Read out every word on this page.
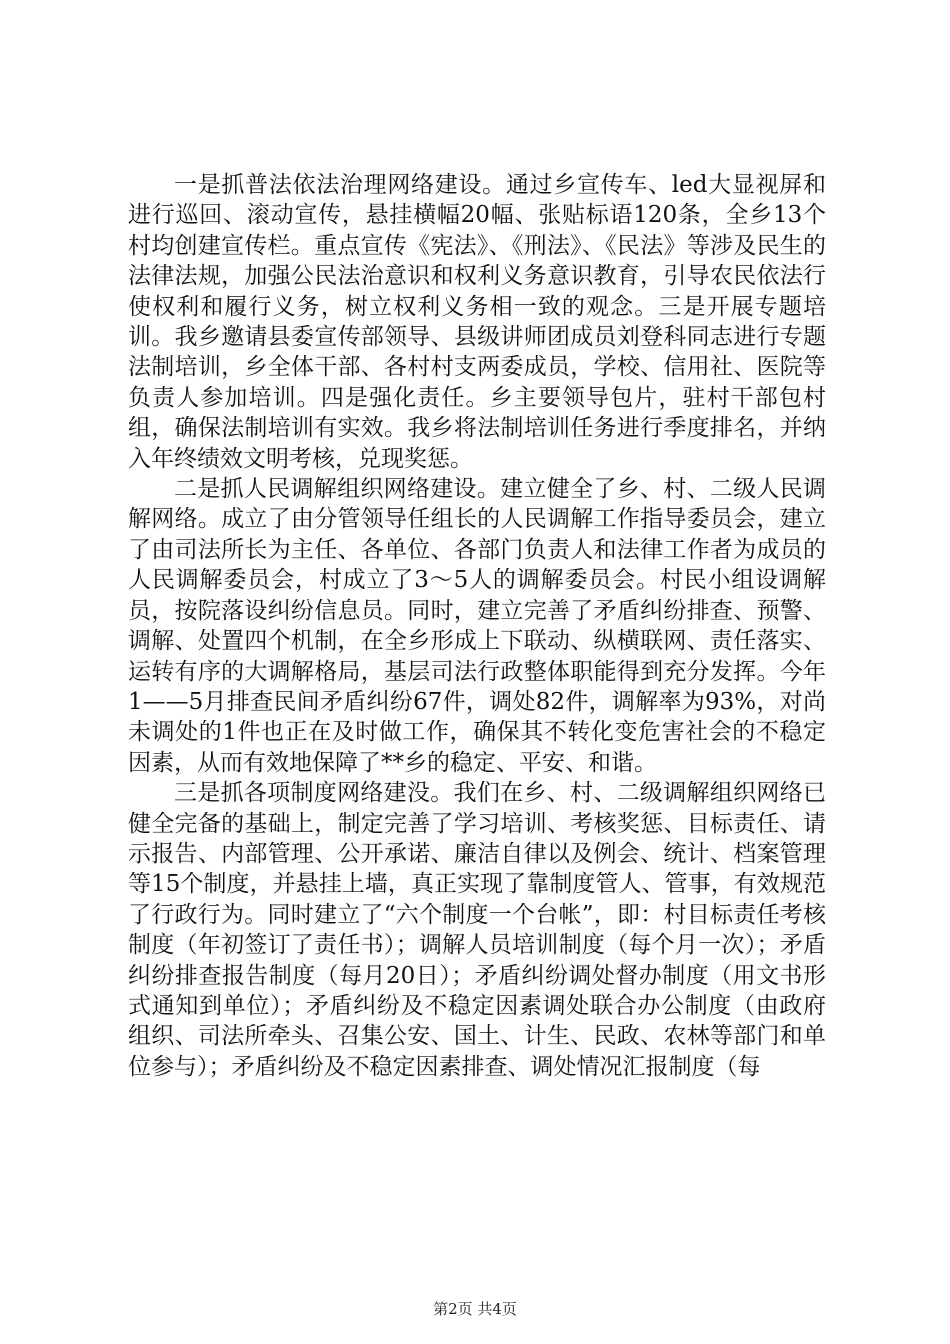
一是抓普法依法治理网络建设。通过乡宣传车、led大显视屏和进行巡回、滚动宣传，悬挂横幅20幅、张贴标语120条，全乡13个村均创建宣传栏。重点宣传《宪法》、《刑法》、《民法》等涉及民生的法律法规，加强公民法治意识和权利义务意识教育，引导农民依法行使权利和履行义务，树立权利义务相一致的观念。三是开展专题培训。我乡邀请县委宣传部领导、县级讲师团成员刘登科同志进行专题法制培训，乡全体干部、各村村支两委成员，学校、信用社、医院等负责人参加培训。四是强化责任。乡主要领导包片，驻村干部包村组，确保法制培训有实效。我乡将法制培训任务进行季度排名，并纳入年终绩效文明考核，兑现奖惩。

二是抓人民调解组织网络建设。建立健全了乡、村、二级人民调解网络。成立了由分管领导任组长的人民调解工作指导委员会，建立了由司法所长为主任、各单位、各部门负责人和法律工作者为成员的人民调解委员会，村成立了3～5人的调解委员会。村民小组设调解员，按院落设纠纷信息员。同时，建立完善了矛盾纠纷排查、预警、调解、处置四个机制，在全乡形成上下联动、纵横联网、责任落实、运转有序的大调解格局，基层司法行政整体职能得到充分发挥。今年1——5月排查民间矛盾纠纷67件，调处82件，调解率为93%，对尚未调处的1件也正在及时做工作，确保其不转化变危害社会的不稳定因素，从而有效地保障了**乡的稳定、平安、和谐。

三是抓各项制度网络建没。我们在乡、村、二级调解组织网络已健全完备的基础上，制定完善了学习培训、考核奖惩、目标责任、请示报告、内部管理、公开承诺、廉洁自律以及例会、统计、档案管理等15个制度，并悬挂上墙，真正实现了靠制度管人、管事，有效规范了行政行为。同时建立了“六个制度一个台帐”，即：村目标责任考核制度（年初签订了责任书）；调解人员培训制度（每个月一次）；矛盾纠纷排查报告制度（每月20日）；矛盾纠纷调处督办制度（用文书形式通知到单位）；矛盾纠纷及不稳定因素调处联合办公制度（由政府组织、司法所牵头、召集公安、国土、计生、民政、农林等部门和单位参与）；矛盾纠纷及不稳定因素排查、调处情况汇报制度（每

第2页 共4页
